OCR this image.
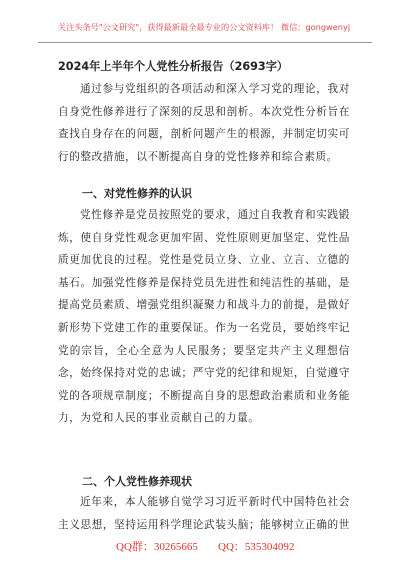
关注头条号"公文研究"，获得最新最全最专业的公文资料库！ 微信：gongwenyj
2024年上半年个人党性分析报告（2693字）
通过参与党组织的各项活动和深入学习党的理论，我对自身党性修养进行了深刻的反思和剖析。本次党性分析旨在查找自身存在的问题，剖析问题产生的根源，并制定切实可行的整改措施，以不断提高自身的党性修养和综合素质。
一、对党性修养的认识
党性修养是党员按照党的要求，通过自我教育和实践锻炼，使自身党性观念更加牢固、党性原则更加坚定、党性品质更加优良的过程。党性是党员立身、立业、立言、立德的基石。加强党性修养是保持党员先进性和纯洁性的基础，是提高党员素质、增强党组织凝聚力和战斗力的前提，是做好新形势下党建工作的重要保证。作为一名党员，要始终牢记党的宗旨，全心全意为人民服务；要坚定共产主义理想信念，始终保持对党的忠诚；严守党的纪律和规矩，自觉遵守党的各项规章制度；不断提高自身的思想政治素质和业务能力，为党和人民的事业贡献自己的力量。
二、个人党性修养现状
近年来，本人能够自觉学习习近平新时代中国特色社会主义思想，坚持运用科学理论武装头脑；能够树立正确的世
QQ群：30265665 QQ：535304092
